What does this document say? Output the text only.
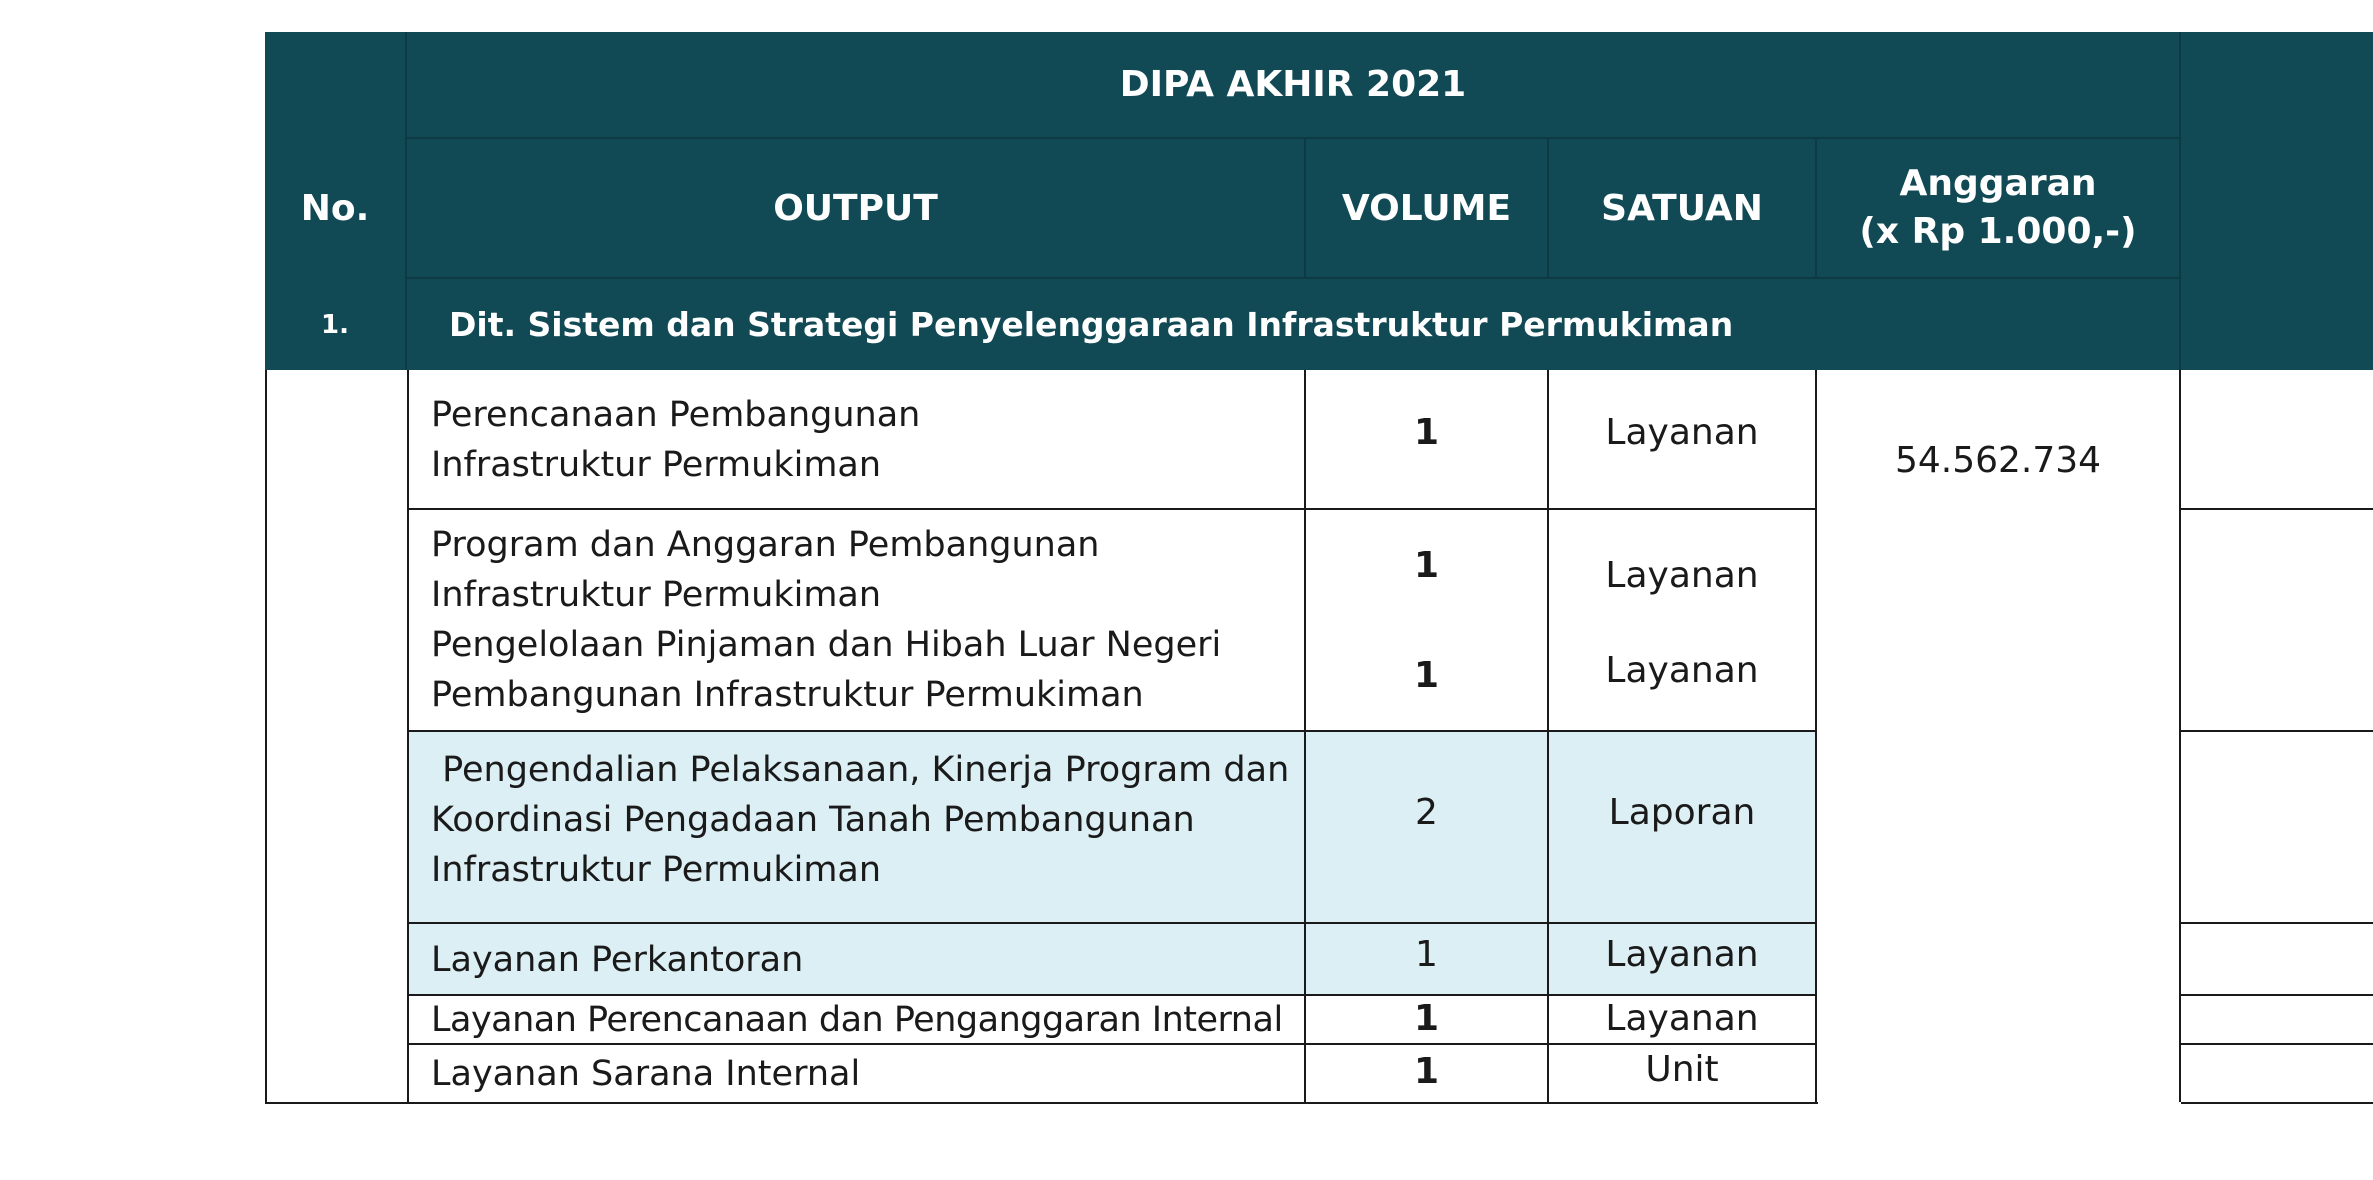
No.
DIPA AKHIR 2021
OUTPUT	VOLUME	SATUAN
Anggaran
(x Rp 1.000,-)
1.	Dit. Sistem dan Strategi Penyelenggaraan Infrastruktur Permukiman
Perencanaan Pembangunan
Infrastruktur Permukiman
1	Layanan
54.562.734
Program dan Anggaran Pembangunan
Infrastruktur Permukiman
1	Layanan
Pengelolaan Pinjaman dan Hibah Luar Negeri
Pembangunan Infrastruktur Permukiman	1	Layanan
Pengendalian Pelaksanaan, Kinerja Program dan
Koordinasi Pengadaan Tanah Pembangunan
Infrastruktur Permukiman
2	Laporan
Layanan Perkantoran	1	Layanan
Layanan Perencanaan dan Penganggaran Internal	1	Layanan
Layanan Sarana Internal	1	Unit
